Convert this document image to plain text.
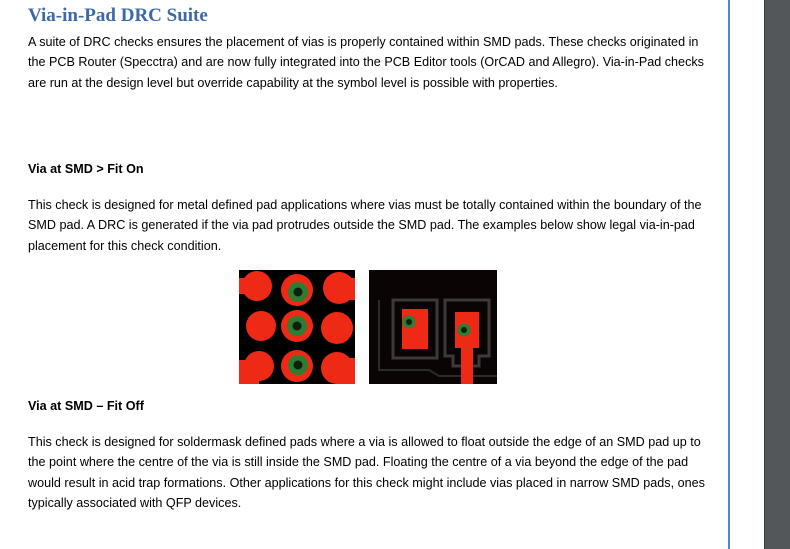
Via-in-Pad DRC Suite

A suite of DRC checks ensures the placement of vias is properly contained within SMD pads. These checks originated in the PCB Router (Specctra) and are now fully integrated into the PCB Editor tools (OrCAD and Allegro). Via-in-Pad checks are run at the design level but override capability at the symbol level is possible with properties.

Via at SMD > Fit On

This check is designed for metal defined pad applications where vias must be totally contained within the boundary of the SMD pad. A DRC is generated if the via pad protrudes outside the SMD pad. The examples below show legal via-in-pad placement for this check condition.

Via at SMD – Fit Off

This check is designed for soldermask defined pads where a via is allowed to float outside the edge of an SMD pad up to the point where the centre of the via is still inside the SMD pad. Floating the centre of a via beyond the edge of the pad would result in acid trap formations. Other applications for this check might include vias placed in narrow SMD pads, ones typically associated with QFP devices.
